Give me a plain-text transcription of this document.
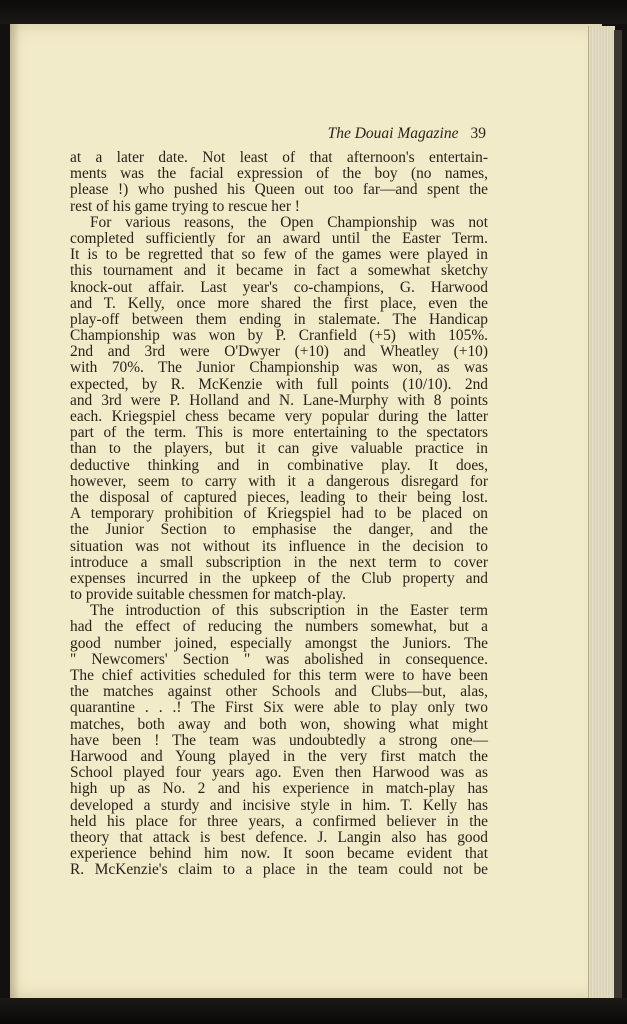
The Douai Magazine 39
at a later date. Not least of that afternoon's entertain-
ments was the facial expression of the boy (no names,
please !) who pushed his Queen out too far—and spent the
rest of his game trying to rescue her !
For various reasons, the Open Championship was not
completed sufficiently for an award until the Easter Term.
It is to be regretted that so few of the games were played in
this tournament and it became in fact a somewhat sketchy
knock-out affair. Last year's co-champions, G. Harwood
and T. Kelly, once more shared the first place, even the
play-off between them ending in stalemate. The Handicap
Championship was won by P. Cranfield (+5) with 105%.
2nd and 3rd were O'Dwyer (+10) and Wheatley (+10)
with 70%. The Junior Championship was won, as was
expected, by R. McKenzie with full points (10/10). 2nd
and 3rd were P. Holland and N. Lane-Murphy with 8 points
each. Kriegspiel chess became very popular during the latter
part of the term. This is more entertaining to the spectators
than to the players, but it can give valuable practice in
deductive thinking and in combinative play. It does,
however, seem to carry with it a dangerous disregard for
the disposal of captured pieces, leading to their being lost.
A temporary prohibition of Kriegspiel had to be placed on
the Junior Section to emphasise the danger, and the
situation was not without its influence in the decision to
introduce a small subscription in the next term to cover
expenses incurred in the upkeep of the Club property and
to provide suitable chessmen for match-play.
The introduction of this subscription in the Easter term
had the effect of reducing the numbers somewhat, but a
good number joined, especially amongst the Juniors. The
" Newcomers' Section " was abolished in consequence.
The chief activities scheduled for this term were to have been
the matches against other Schools and Clubs—but, alas,
quarantine . . .! The First Six were able to play only two
matches, both away and both won, showing what might
have been ! The team was undoubtedly a strong one—
Harwood and Young played in the very first match the
School played four years ago. Even then Harwood was as
high up as No. 2 and his experience in match-play has
developed a sturdy and incisive style in him. T. Kelly has
held his place for three years, a confirmed believer in the
theory that attack is best defence. J. Langin also has good
experience behind him now. It soon became evident that
R. McKenzie's claim to a place in the team could not be
